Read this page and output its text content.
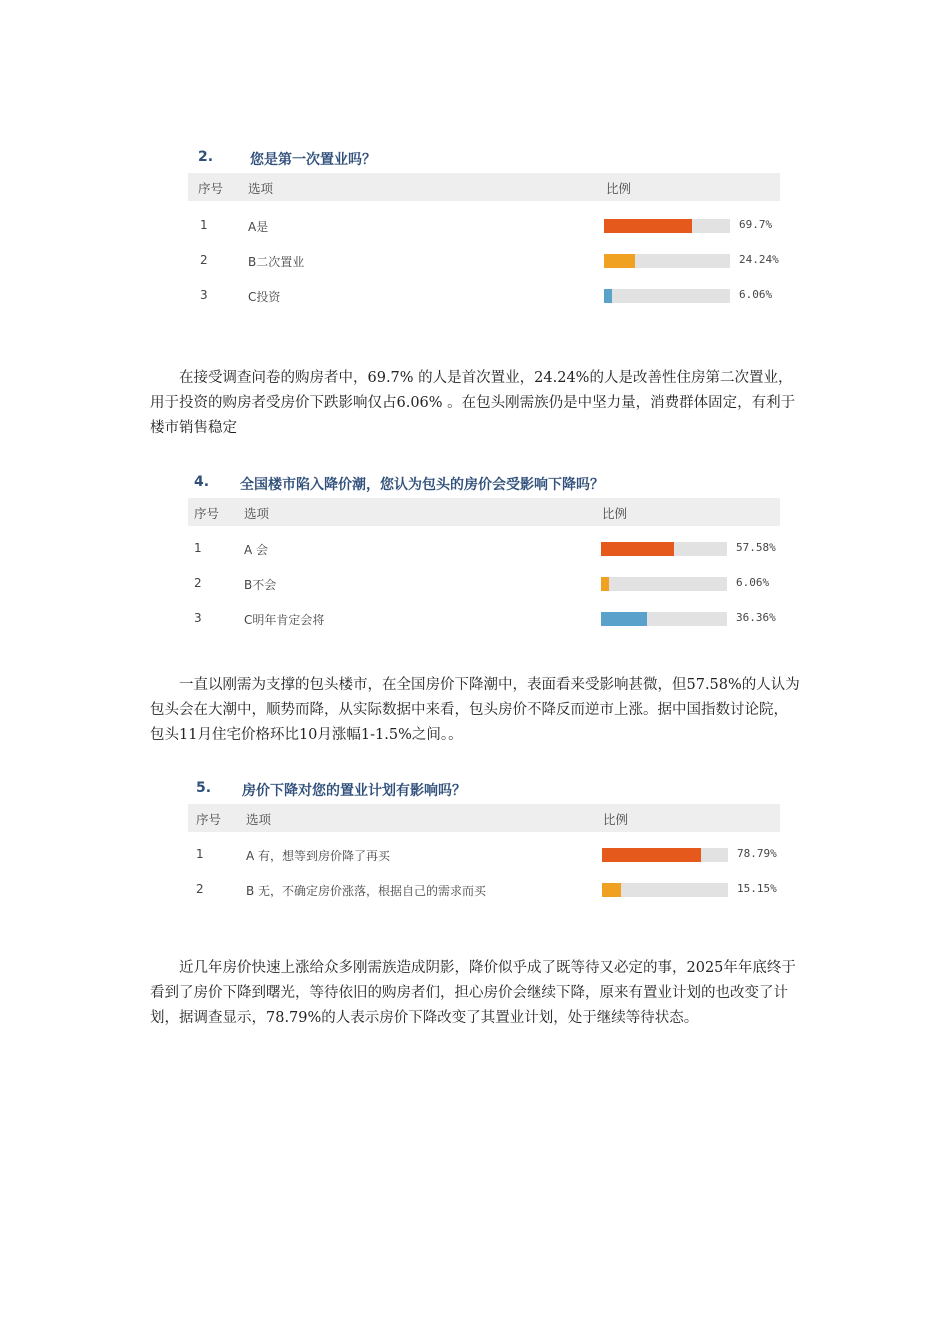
2.	您是第一次置业吗？
序号 选项	比例
1	A是	69.7%
2	B二次置业	24.24%
3	C投资	6.06%

在接受调查问卷的购房者中，69.7% 的人是首次置业，24.24%的人是改善性住房第二次置业，用于投资的购房者受房价下跌影响仅占6.06% 。在包头刚需族仍是中坚力量，消费群体固定，有利于楼市销售稳定

4. 全国楼市陷入降价潮，您认为包头的房价会受影响下降吗？
序号 选项	比例
1	A 会	57.58%
2	B不会	6.06%
3	C明年肯定会将	36.36%

一直以刚需为支撑的包头楼市，在全国房价下降潮中，表面看来受影响甚微，但57.58%的人认为包头会在大潮中，顺势而降，从实际数据中来看，包头房价不降反而逆市上涨。据中国指数讨论院，包头11月住宅价格环比10月涨幅1-1.5%之间。。

5. 房价下降对您的置业计划有影响吗？
序号 选项	比例
1	A 有，想等到房价降了再买	78.79%
2	B 无，不确定房价涨落，根据自己的需求而买	15.15%

近几年房价快速上涨给众多刚需族造成阴影，降价似乎成了既等待又必定的事，2025年年底终于看到了房价下降到曙光，等待依旧的购房者们，担心房价会继续下降，原来有置业计划的也改变了计划，据调查显示，78.79%的人表示房价下降改变了其置业计划，处于继续等待状态。
